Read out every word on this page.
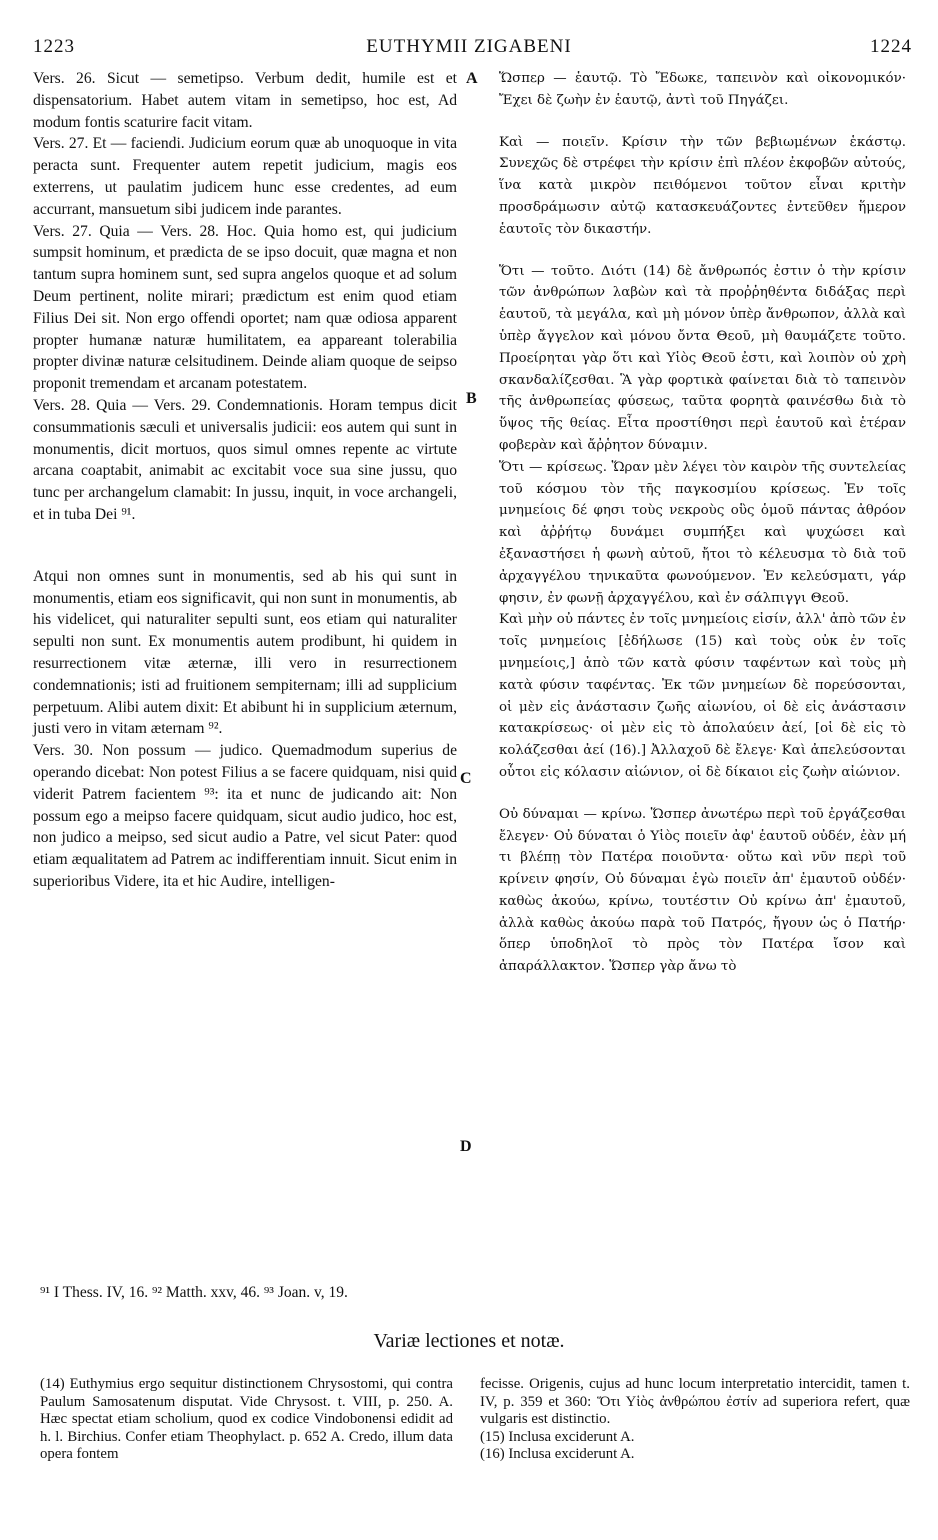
1223	EUTHYMII ZIGABENI	1224
A
B
C
D

Vers. 26. Sicut — semetipso. Verbum dedit, humile est et dispensatorium. Habet autem vitam in semetipso, hoc est, Ad modum fontis scaturire facit vitam.

Vers. 27. Et — faciendi. Judicium eorum quæ ab unoquoque in vita peracta sunt. Frequenter autem repetit judicium, magis eos exterrens, ut paulatim judicem hunc esse credentes, ad eum accurrant, mansuetum sibi judicem inde parantes.

Vers. 27. Quia — Vers. 28. Hoc. Quia homo est, qui judicium sumpsit hominum, et prædicta de se ipso docuit, quæ magna et non tantum supra hominem sunt, sed supra angelos quoque et ad solum Deum pertinent, nolite mirari; prædictum est enim quod etiam Filius Dei sit. Non ergo offendi oportet; nam quæ odiosa apparent propter humanæ naturæ humilitatem, ea appareant tolerabilia propter divinæ naturæ celsitudinem. Deinde aliam quoque de seipso proponit tremendam et arcanam potestatem.

Vers. 28. Quia — Vers. 29. Condemnationis. Horam tempus dicit consummationis sæculi et universalis judicii: eos autem qui sunt in monumentis, dicit mortuos, quos simul omnes repente ac virtute arcana coaptabit, animabit ac excitabit voce sua sine jussu, quo tunc per archangelum clamabit: In jussu, inquit, in voce archangeli, et in tuba Dei ⁹¹.

Atqui non omnes sunt in monumentis, sed ab his qui sunt in monumentis, etiam eos significavit, qui non sunt in monumentis, ab his videlicet, qui naturaliter sepulti sunt, eos etiam qui naturaliter sepulti non sunt. Ex monumentis autem prodibunt, hi quidem in resurrectionem vitæ æternæ, illi vero in resurrectionem condemnationis; isti ad fruitionem sempiternam; illi ad supplicium perpetuum. Alibi autem dixit: Et abibunt hi in supplicium æternum, justi vero in vitam æternam ⁹².

Vers. 30. Non possum — judico. Quemadmodum superius de operando dicebat: Non potest Filius a se facere quidquam, nisi quid viderit Patrem facientem ⁹³: ita et nunc de judicando ait: Non possum ego a meipso facere quidquam, sicut audio judico, hoc est, non judico a meipso, sed sicut audio a Patre, vel sicut Pater: quod etiam æqualitatem ad Patrem ac indifferentiam innuit. Sicut enim in superioribus Videre, ita et hic Audire, intelligen-

Ὥσπερ — ἑαυτῷ. Τὸ Ἔδωκε, ταπεινὸν καὶ οἰκονομικόν· Ἔχει δὲ ζωὴν ἐν ἑαυτῷ, ἀντὶ τοῦ Πηγάζει.

Καὶ — ποιεῖν. Κρίσιν τὴν τῶν βεβιωμένων ἑκάστῳ. Συνεχῶς δὲ στρέφει τὴν κρίσιν ἐπὶ πλέον ἐκφοβῶν αὐτούς, ἵνα κατὰ μικρὸν πειθόμενοι τοῦτον εἶναι κριτὴν προσδράμωσιν αὐτῷ κατασκευάζοντες ἐντεῦθεν ἥμερον ἑαυτοῖς τὸν δικαστήν.

Ὅτι — τοῦτο. Διότι (14) δὲ ἄνθρωπός ἐστιν ὁ τὴν κρίσιν τῶν ἀνθρώπων λαβὼν καὶ τὰ προῤῥηθέντα διδάξας περὶ ἑαυτοῦ, τὰ μεγάλα, καὶ μὴ μόνον ὑπὲρ ἄνθρωπον, ἀλλὰ καὶ ὑπὲρ ἄγγελον καὶ μόνου ὄντα Θεοῦ, μὴ θαυμάζετε τοῦτο. Προείρηται γὰρ ὅτι καὶ Υἱὸς Θεοῦ ἐστι, καὶ λοιπὸν οὐ χρὴ σκανδαλίζεσθαι. Ἃ γὰρ φορτικὰ φαίνεται διὰ τὸ ταπεινὸν τῆς ἀνθρωπείας φύσεως, ταῦτα φορητὰ φαινέσθω διὰ τὸ ὕψος τῆς θείας. Εἶτα προστίθησι περὶ ἑαυτοῦ καὶ ἑτέραν φοβερὰν καὶ ἄῤῥητον δύναμιν.

Ὅτι — κρίσεως. Ὥραν μὲν λέγει τὸν καιρὸν τῆς συντελείας τοῦ κόσμου τὸν τῆς παγκοσμίου κρίσεως. Ἐν τοῖς μνημείοις δέ φησι τοὺς νεκροὺς οὓς ὁμοῦ πάντας ἀθρόον καὶ ἀῤῥήτῳ δυνάμει συμπήξει καὶ ψυχώσει καὶ ἐξαναστήσει ἡ φωνὴ αὐτοῦ, ἤτοι τὸ κέλευσμα τὸ διὰ τοῦ ἀρχαγγέλου τηνικαῦτα φωνούμενον. Ἐν κελεύσματι, γάρ φησιν, ἐν φωνῇ ἀρχαγγέλου, καὶ ἐν σάλπιγγι Θεοῦ.

Καὶ μὴν οὐ πάντες ἐν τοῖς μνημείοις εἰσίν, ἀλλ' ἀπὸ τῶν ἐν τοῖς μνημείοις [ἐδήλωσε (15) καὶ τοὺς οὐκ ἐν τοῖς μνημείοις,] ἀπὸ τῶν κατὰ φύσιν ταφέντων καὶ τοὺς μὴ κατὰ φύσιν ταφέντας. Ἐκ τῶν μνημείων δὲ πορεύσονται, οἱ μὲν εἰς ἀνάστασιν ζωῆς αἰωνίου, οἱ δὲ εἰς ἀνάστασιν κατακρίσεως· οἱ μὲν εἰς τὸ ἀπολαύειν ἀεί, [οἱ δὲ εἰς τὸ κολάζεσθαι ἀεί (16).] Ἀλλαχοῦ δὲ ἔλεγε· Καὶ ἀπελεύσονται οὗτοι εἰς κόλασιν αἰώνιον, οἱ δὲ δίκαιοι εἰς ζωὴν αἰώνιον.

Οὐ δύναμαι — κρίνω. Ὥσπερ ἀνωτέρω περὶ τοῦ ἐργάζεσθαι ἔλεγεν· Οὐ δύναται ὁ Υἱὸς ποιεῖν ἀφ' ἑαυτοῦ οὐδέν, ἐὰν μή τι βλέπῃ τὸν Πατέρα ποιοῦντα· οὕτω καὶ νῦν περὶ τοῦ κρίνειν φησίν, Οὐ δύναμαι ἐγὼ ποιεῖν ἀπ' ἐμαυτοῦ οὐδέν· καθὼς ἀκούω, κρίνω, τουτέστιν Οὐ κρίνω ἀπ' ἐμαυτοῦ, ἀλλὰ καθὼς ἀκούω παρὰ τοῦ Πατρός, ἤγουν ὡς ὁ Πατήρ· ὅπερ ὑποδηλοῖ τὸ πρὸς τὸν Πατέρα ἴσον καὶ ἀπαράλλακτον. Ὥσπερ γὰρ ἄνω τὸ

⁹¹ I Thess. IV, 16. ⁹² Matth. xxv, 46. ⁹³ Joan. v, 19.
Variæ lectiones et notæ.

(14) Euthymius ergo sequitur distinctionem Chrysostomi, qui contra Paulum Samosatenum disputat. Vide Chrysost. t. VIII, p. 250. A. Hæc spectat etiam scholium, quod ex codice Vindobonensi edidit ad h. l. Birchius. Confer etiam Theophylact. p. 652 A. Credo, illum data opera fontem

fecisse. Origenis, cujus ad hunc locum interpretatio intercidit, tamen t. IV, p. 359 et 360: Ὅτι Υἱὸς ἀνθρώπου ἐστίν ad superiora refert, quæ vulgaris est distinctio.

(15) Inclusa exciderunt A.

(16) Inclusa exciderunt A.
